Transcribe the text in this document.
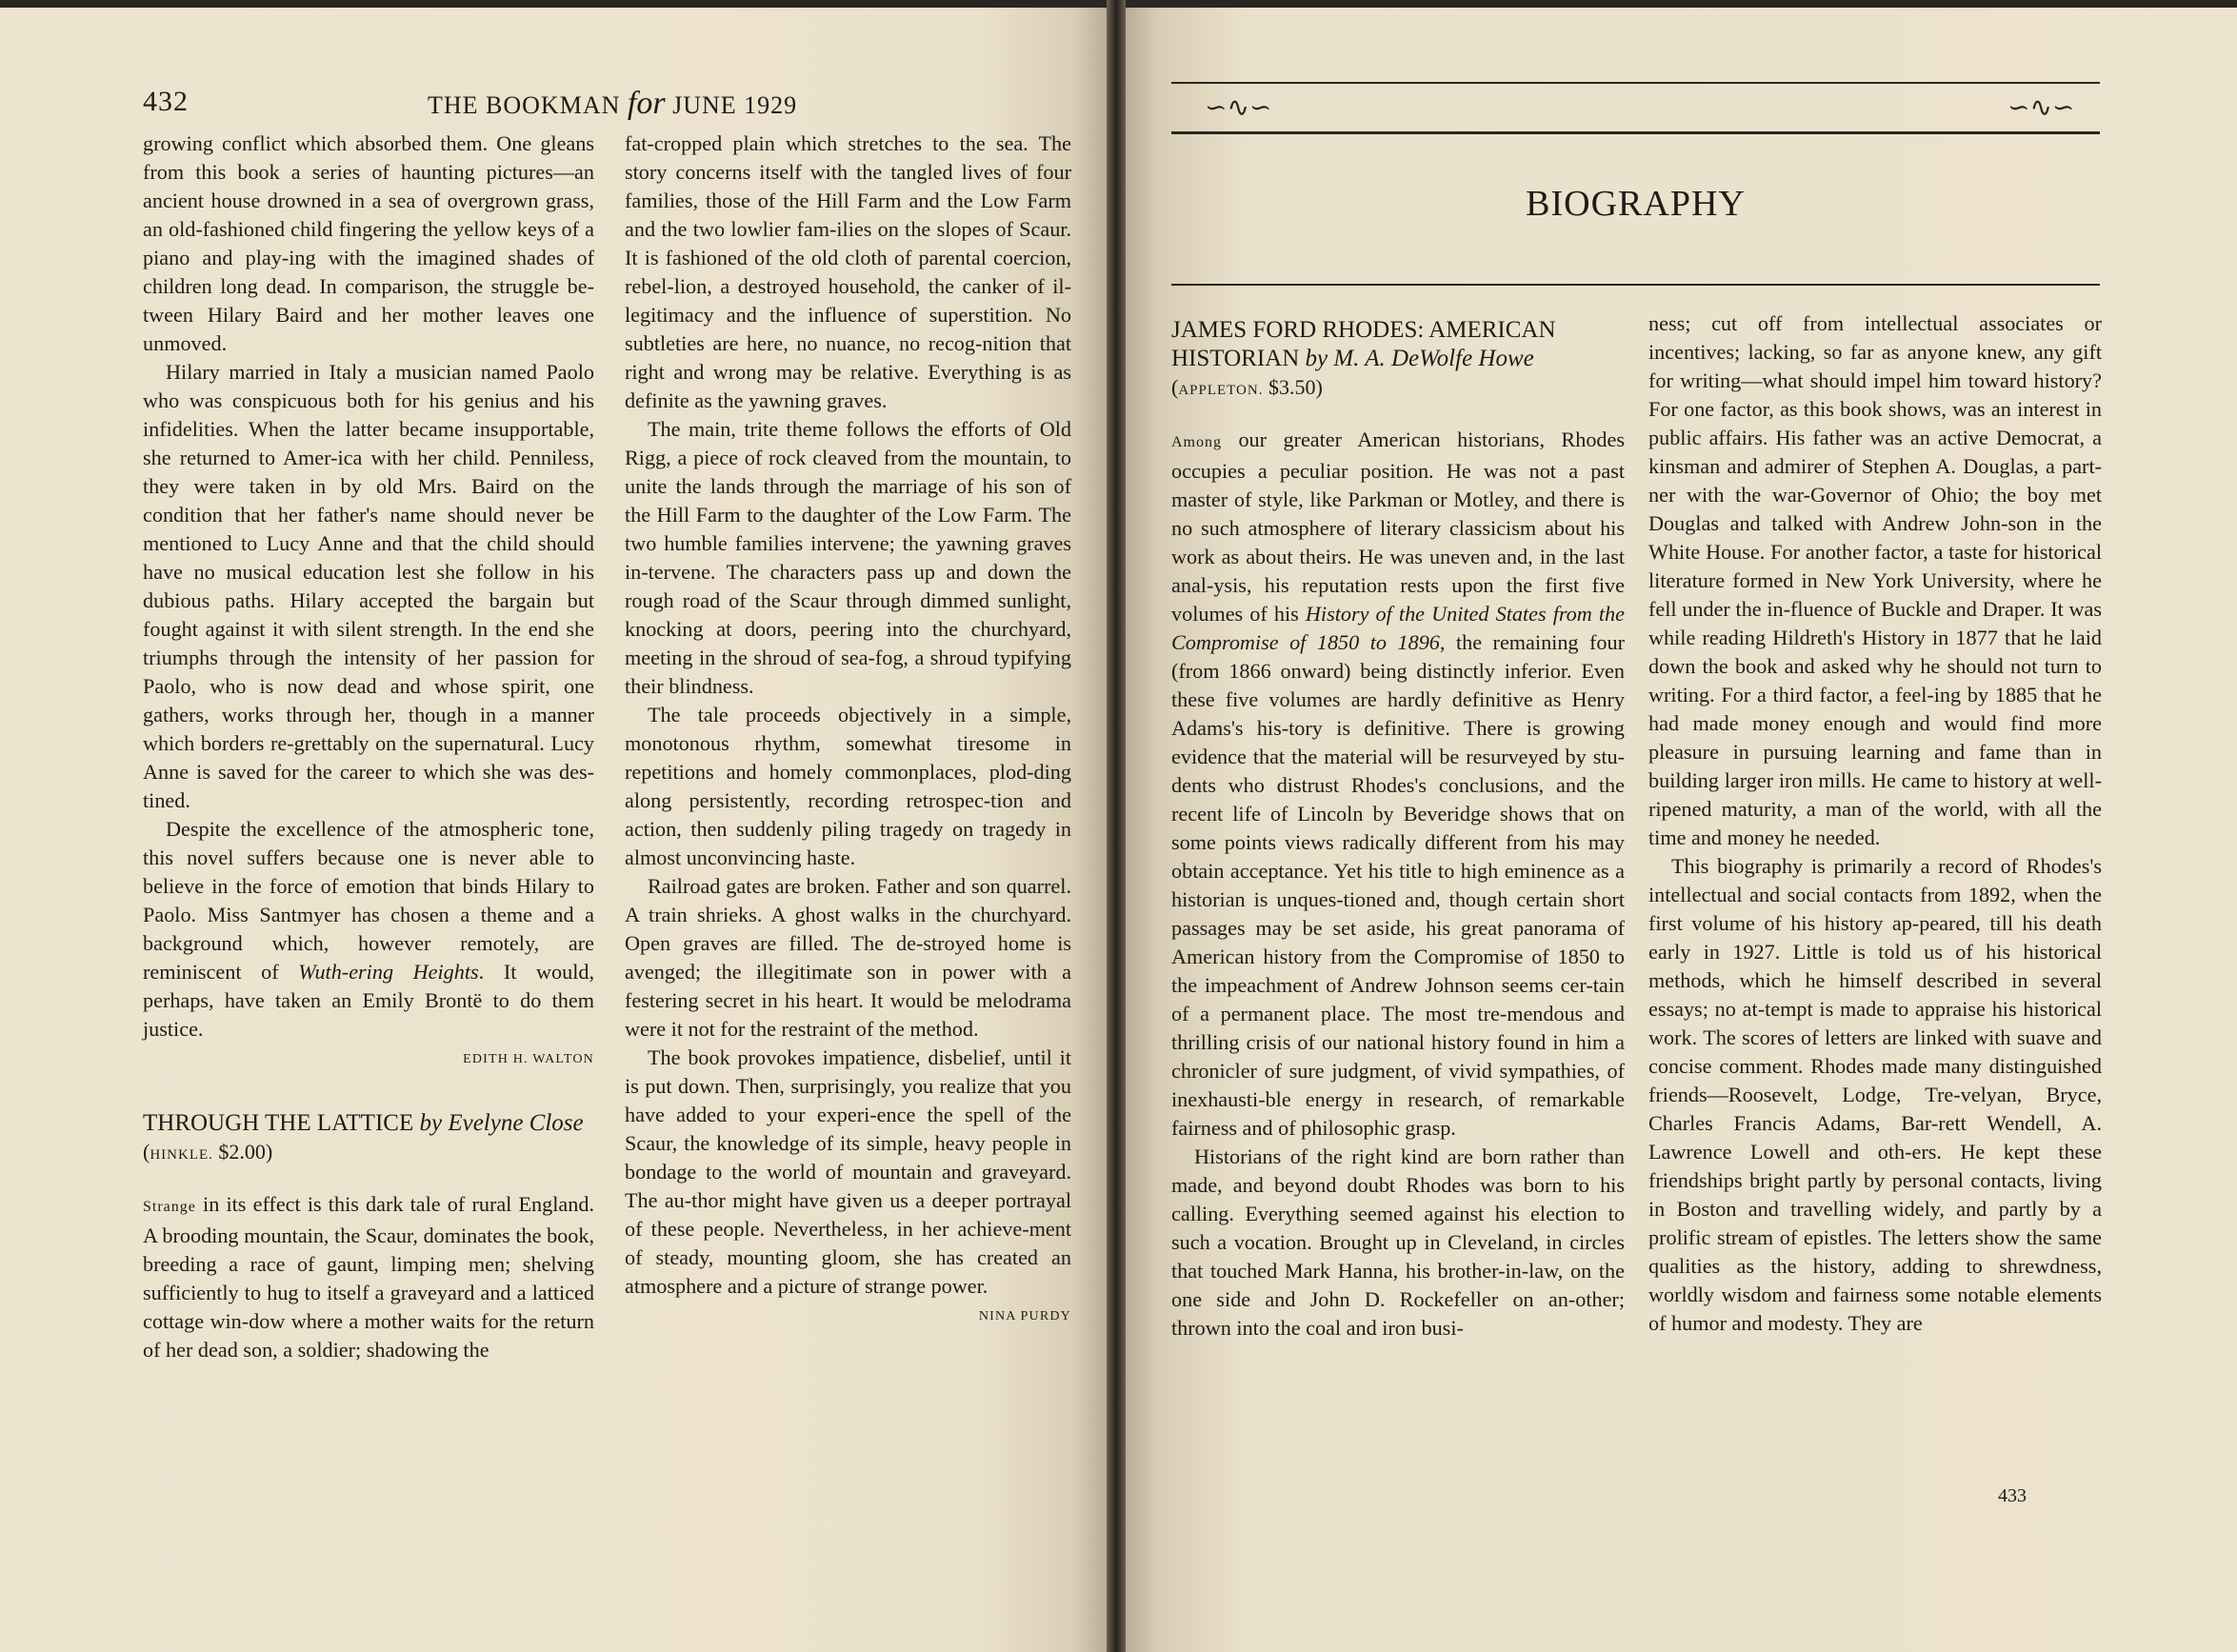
432	THE BOOKMAN for JUNE 1929

growing conflict which absorbed them. One gleans from this book a series of haunting pictures—an ancient house drowned in a sea of overgrown grass, an old-fashioned child fingering the yellow keys of a piano and play-ing with the imagined shades of children long dead. In comparison, the struggle be-tween Hilary Baird and her mother leaves one unmoved.

Hilary married in Italy a musician named Paolo who was conspicuous both for his genius and his infidelities. When the latter became insupportable, she returned to Amer-ica with her child. Penniless, they were taken in by old Mrs. Baird on the condition that her father's name should never be mentioned to Lucy Anne and that the child should have no musical education lest she follow in his dubious paths. Hilary accepted the bargain but fought against it with silent strength. In the end she triumphs through the intensity of her passion for Paolo, who is now dead and whose spirit, one gathers, works through her, though in a manner which borders re-grettably on the supernatural. Lucy Anne is saved for the career to which she was des-tined.

Despite the excellence of the atmospheric tone, this novel suffers because one is never able to believe in the force of emotion that binds Hilary to Paolo. Miss Santmyer has chosen a theme and a background which, however remotely, are reminiscent of Wuth-ering Heights. It would, perhaps, have taken an Emily Brontë to do them justice.

EDITH H. WALTON

THROUGH THE LATTICE by Evelyne Close (HINKLE. $2.00)

Strange in its effect is this dark tale of rural England. A brooding mountain, the Scaur, dominates the book, breeding a race of gaunt, limping men; shelving sufficiently to hug to itself a graveyard and a latticed cottage win-dow where a mother waits for the return of her dead son, a soldier; shadowing the

fat-cropped plain which stretches to the sea. The story concerns itself with the tangled lives of four families, those of the Hill Farm and the Low Farm and the two lowlier fam-ilies on the slopes of Scaur. It is fashioned of the old cloth of parental coercion, rebel-lion, a destroyed household, the canker of il-legitimacy and the influence of superstition. No subtleties are here, no nuance, no recog-nition that right and wrong may be relative. Everything is as definite as the yawning graves.

The main, trite theme follows the efforts of Old Rigg, a piece of rock cleaved from the mountain, to unite the lands through the marriage of his son of the Hill Farm to the daughter of the Low Farm. The two humble families intervene; the yawning graves in-tervene. The characters pass up and down the rough road of the Scaur through dimmed sunlight, knocking at doors, peering into the churchyard, meeting in the shroud of sea-fog, a shroud typifying their blindness.

The tale proceeds objectively in a simple, monotonous rhythm, somewhat tiresome in repetitions and homely commonplaces, plod-ding along persistently, recording retrospec-tion and action, then suddenly piling tragedy on tragedy in almost unconvincing haste.

Railroad gates are broken. Father and son quarrel. A train shrieks. A ghost walks in the churchyard. Open graves are filled. The de-stroyed home is avenged; the illegitimate son in power with a festering secret in his heart. It would be melodrama were it not for the restraint of the method.

The book provokes impatience, disbelief, until it is put down. Then, surprisingly, you realize that you have added to your experi-ence the spell of the Scaur, the knowledge of its simple, heavy people in bondage to the world of mountain and graveyard. The au-thor might have given us a deeper portrayal of these people. Nevertheless, in her achieve-ment of steady, mounting gloom, she has created an atmosphere and a picture of strange power.

NINA PURDY

∽∿∽	∽∿∽
BIOGRAPHY

JAMES FORD RHODES: AMERICAN HISTORIAN by M. A. DeWolfe Howe
(APPLETON. $3.50)

Among our greater American historians, Rhodes occupies a peculiar position. He was not a past master of style, like Parkman or Motley, and there is no such atmosphere of literary classicism about his work as about theirs. He was uneven and, in the last anal-ysis, his reputation rests upon the first five volumes of his History of the United States from the Compromise of 1850 to 1896, the remaining four (from 1866 onward) being distinctly inferior. Even these five volumes are hardly definitive as Henry Adams's his-tory is definitive. There is growing evidence that the material will be resurveyed by stu-dents who distrust Rhodes's conclusions, and the recent life of Lincoln by Beveridge shows that on some points views radically different from his may obtain acceptance. Yet his title to high eminence as a historian is unques-tioned and, though certain short passages may be set aside, his great panorama of American history from the Compromise of 1850 to the impeachment of Andrew Johnson seems cer-tain of a permanent place. The most tre-mendous and thrilling crisis of our national history found in him a chronicler of sure judgment, of vivid sympathies, of inexhausti-ble energy in research, of remarkable fairness and of philosophic grasp.

Historians of the right kind are born rather than made, and beyond doubt Rhodes was born to his calling. Everything seemed against his election to such a vocation. Brought up in Cleveland, in circles that touched Mark Hanna, his brother-in-law, on the one side and John D. Rockefeller on an-other; thrown into the coal and iron busi-

ness; cut off from intellectual associates or incentives; lacking, so far as anyone knew, any gift for writing—what should impel him toward history? For one factor, as this book shows, was an interest in public affairs. His father was an active Democrat, a kinsman and admirer of Stephen A. Douglas, a part-ner with the war-Governor of Ohio; the boy met Douglas and talked with Andrew John-son in the White House. For another factor, a taste for historical literature formed in New York University, where he fell under the in-fluence of Buckle and Draper. It was while reading Hildreth's History in 1877 that he laid down the book and asked why he should not turn to writing. For a third factor, a feel-ing by 1885 that he had made money enough and would find more pleasure in pursuing learning and fame than in building larger iron mills. He came to history at well-ripened maturity, a man of the world, with all the time and money he needed.

This biography is primarily a record of Rhodes's intellectual and social contacts from 1892, when the first volume of his history ap-peared, till his death early in 1927. Little is told us of his historical methods, which he himself described in several essays; no at-tempt is made to appraise his historical work. The scores of letters are linked with suave and concise comment. Rhodes made many distinguished friends—Roosevelt, Lodge, Tre-velyan, Bryce, Charles Francis Adams, Bar-rett Wendell, A. Lawrence Lowell and oth-ers. He kept these friendships bright partly by personal contacts, living in Boston and travelling widely, and partly by a prolific stream of epistles. The letters show the same qualities as the history, adding to shrewdness, worldly wisdom and fairness some notable elements of humor and modesty. They are

433
